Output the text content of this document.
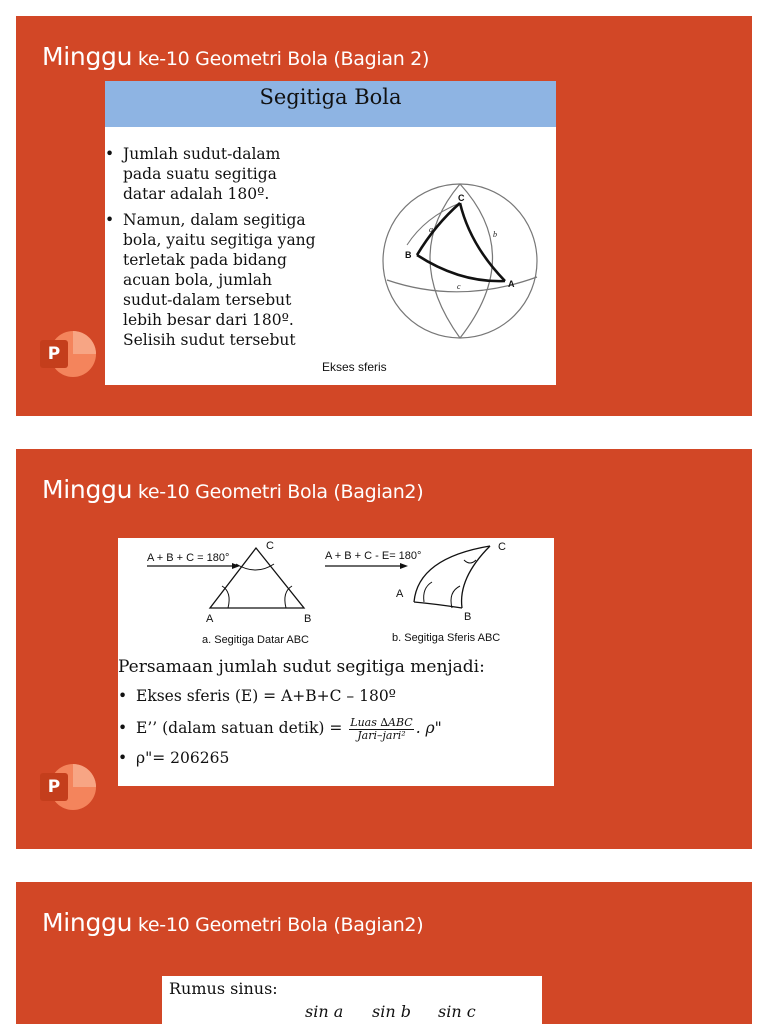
Minggu ke-10 Geometri Bola (Bagian 2)
Segitiga Bola
• Jumlah sudut-dalam pada suatu segitiga datar adalah 180º.
• Namun, dalam segitiga bola, yaitu segitiga yang terletak pada bidang acuan bola, jumlah sudut-dalam tersebut lebih besar dari 180º. Selisih sudut tersebut
Ekses sferis
C
B
A
a
b
c
P
Minggu ke-10 Geometri Bola (Bagian2)
A + B + C = 180°
A	B
C
a. Segitiga Datar ABC
A + B + C - E= 180°
A
B
C
b. Segitiga Sferis ABC
Persamaan jumlah sudut segitiga menjadi:
• Ekses sferis (E) = A+B+C – 180º
• E’’ (dalam satuan detik) = Luas ∆ABC
Jari–jari² . ρ"
• ρ"= 206265
P
Minggu ke-10 Geometri Bola (Bagian2)
Rumus sinus:
sin a sin b sin c
